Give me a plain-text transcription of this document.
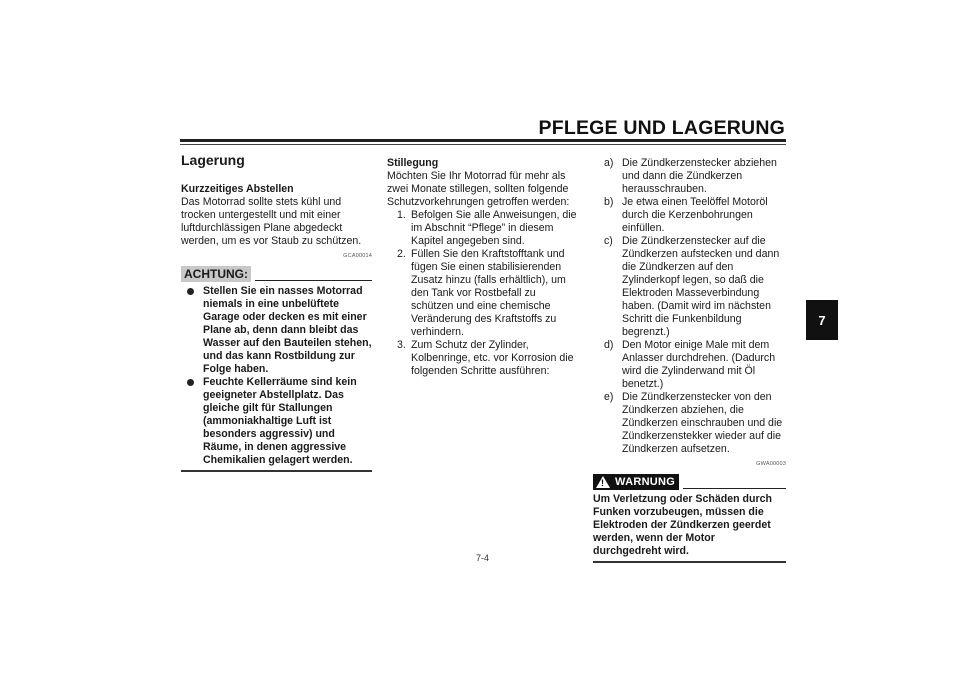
PFLEGE UND LAGERUNG
Lagerung
Kurzzeitiges Abstellen

Das Motorrad sollte stets kühl und trocken untergestellt und mit einer luftdurchlässigen Plane abgedeckt werden, um es vor Staub zu schützen.

GCA00014
ACHTUNG:
Stellen Sie ein nasses Motorrad niemals in eine unbelüftete Garage oder decken es mit einer Plane ab, denn dann bleibt das Wasser auf den Bauteilen stehen, und das kann Rostbildung zur Folge haben.
Feuchte Kellerräume sind kein geeigneter Abstellplatz. Das gleiche gilt für Stallungen (ammoniakhaltige Luft ist besonders aggressiv) und Räume, in denen aggressive Chemikalien gelagert werden.
Stillegung

Möchten Sie Ihr Motorrad für mehr als zwei Monate stillegen, sollten folgende Schutzvorkehrungen getroffen werden:

1. Befolgen Sie alle Anweisungen, die im Abschnit “Pflege” in diesem Kapitel angegeben sind.
2. Füllen Sie den Kraftstofftank und fügen Sie einen stabilisierenden Zusatz hinzu (falls erhältlich), um den Tank vor Rostbefall zu schützen und eine chemische Veränderung des Kraftstoffs zu verhindern.
3. Zum Schutz der Zylinder, Kolbenringe, etc. vor Korrosion die folgenden Schritte ausführen:
a) Die Zündkerzenstecker abziehen und dann die Zündkerzen herausschrauben.
b) Je etwa einen Teelöffel Motoröl durch die Kerzenbohrungen einfüllen.
c) Die Zündkerzenstecker auf die Zündkerzen aufstecken und dann die Zündkerzen auf den Zylinderkopf legen, so daß die Elektroden Masseverbindung haben. (Damit wird im nächsten Schritt die Funkenbildung begrenzt.)
d) Den Motor einige Male mit dem Anlasser durchdrehen. (Dadurch wird die Zylinderwand mit Öl benetzt.)
e) Die Zündkerzenstecker von den Zündkerzen abziehen, die Zündkerzen einschrauben und die Zündkerzenstekker wieder auf die Zündkerzen aufsetzen.
GWA00003
! WARNUNG

Um Verletzung oder Schäden durch Funken vorzubeugen, müssen die Elektroden der Zündkerzen geerdet werden, wenn der Motor durchgedreht wird.

7
7-4
